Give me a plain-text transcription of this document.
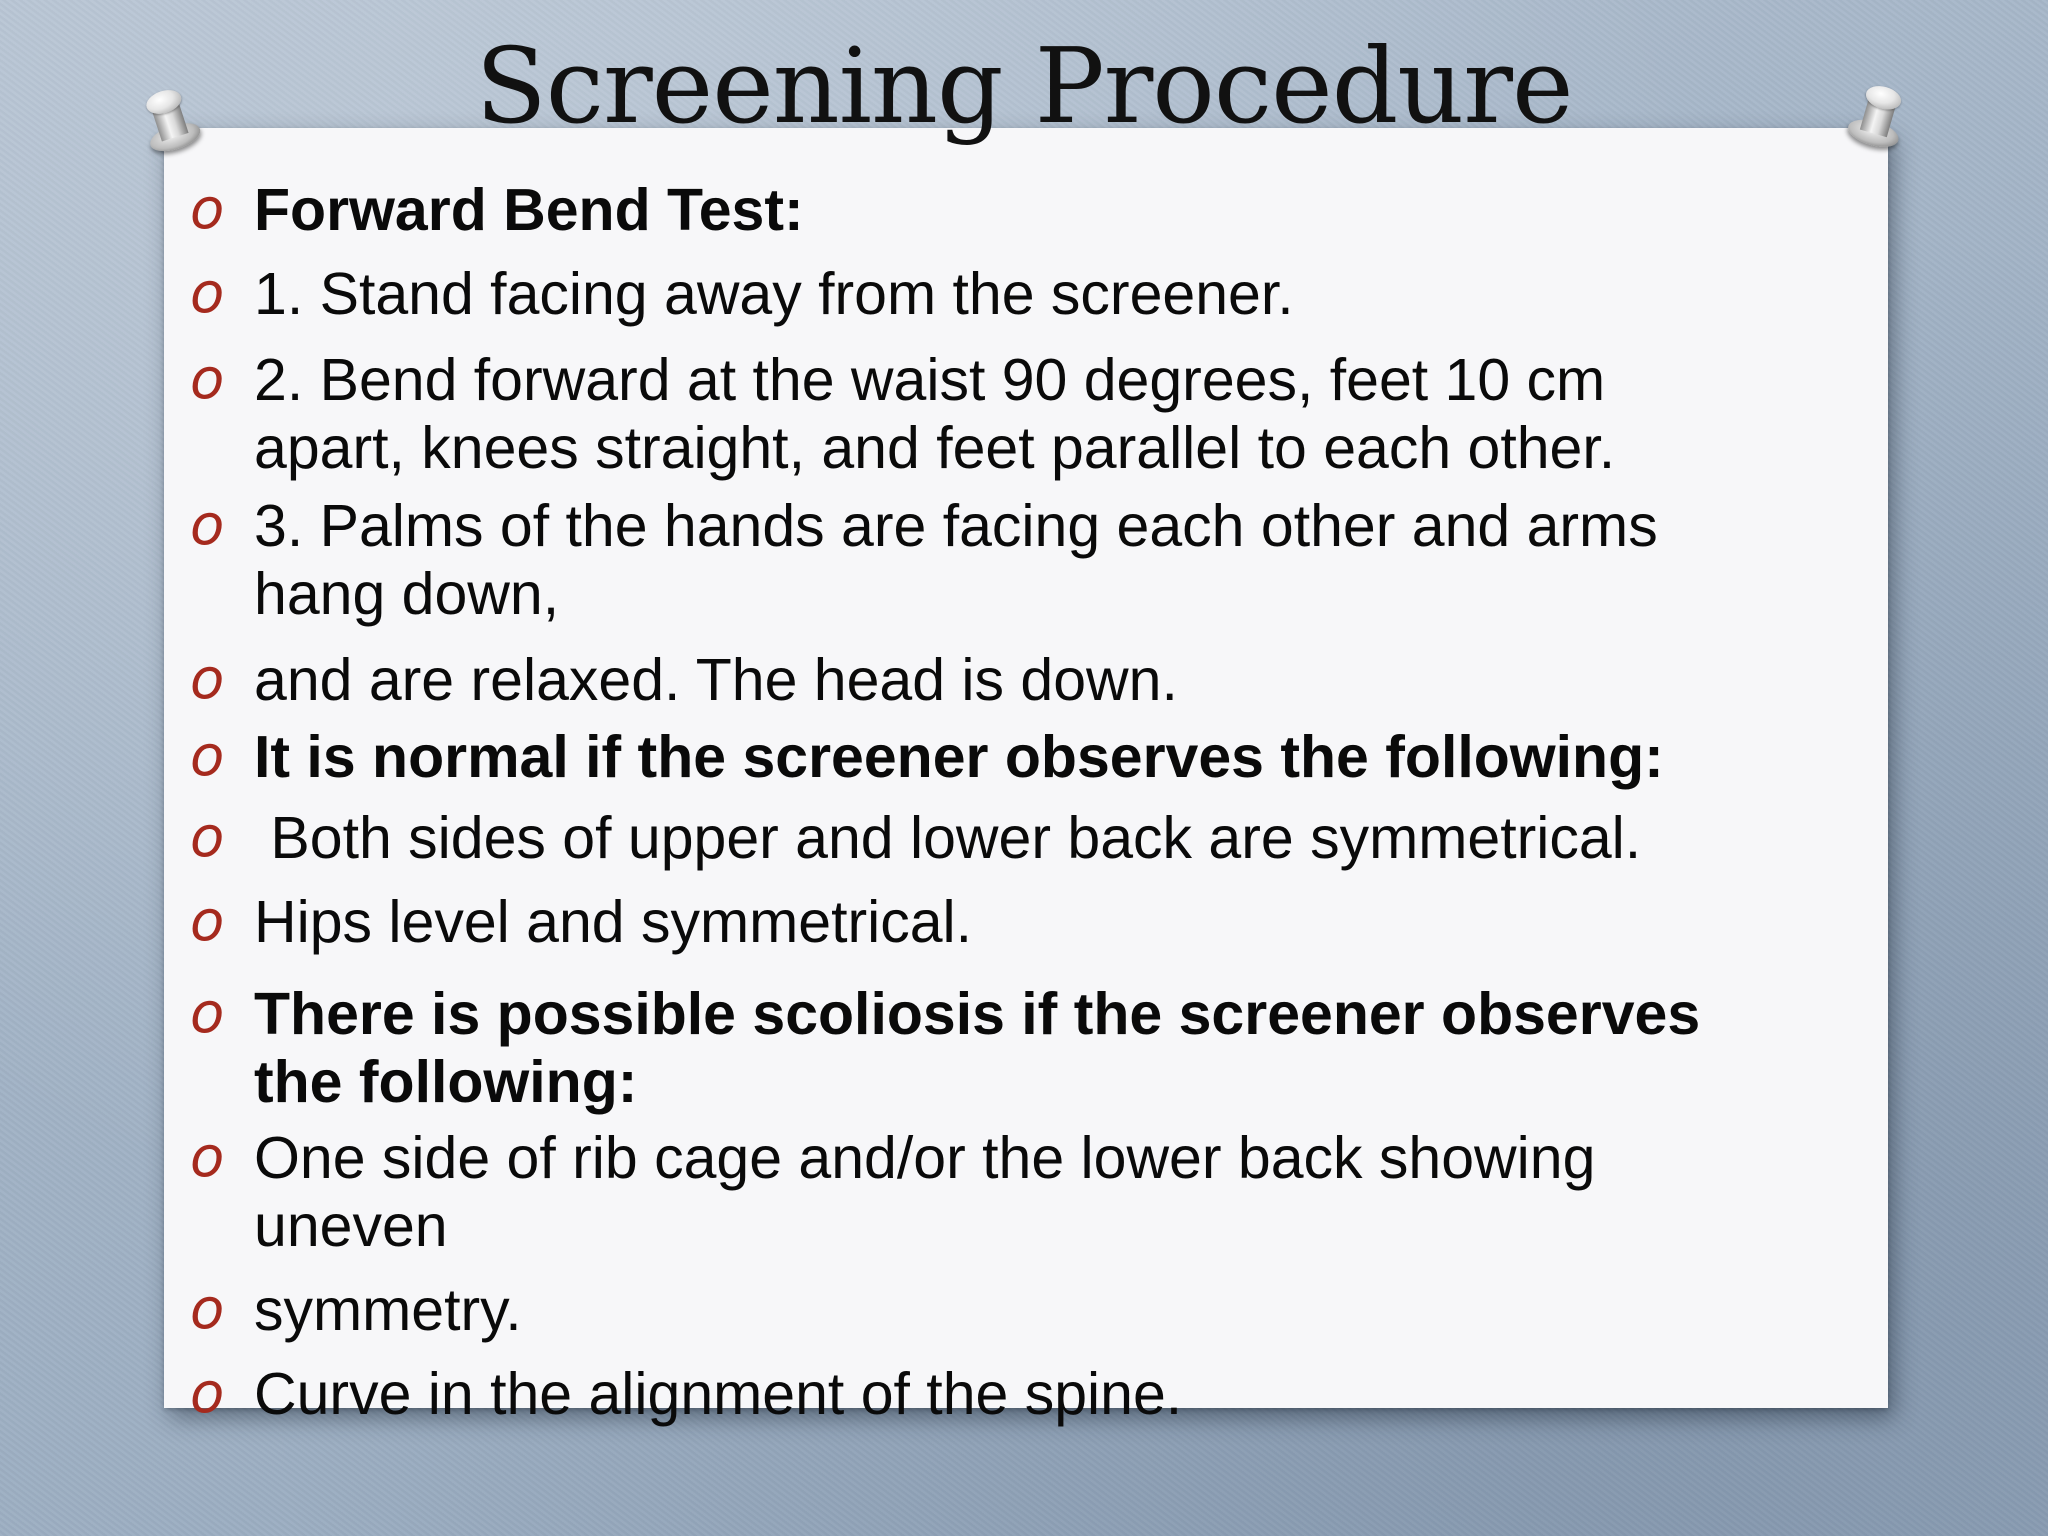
Screening Procedure
o Forward Bend Test:
o 1. Stand facing away from the screener.
o 2. Bend forward at the waist 90 degrees, feet 10 cm
apart, knees straight, and feet parallel to each other.
o 3. Palms of the hands are facing each other and arms
hang down,
o and are relaxed. The head is down.
o It is normal if the screener observes the following:
o Both sides of upper and lower back are symmetrical.
o Hips level and symmetrical.
o There is possible scoliosis if the screener observes
the following:
o One side of rib cage and/or the lower back showing
uneven
o symmetry.
o Curve in the alignment of the spine.
